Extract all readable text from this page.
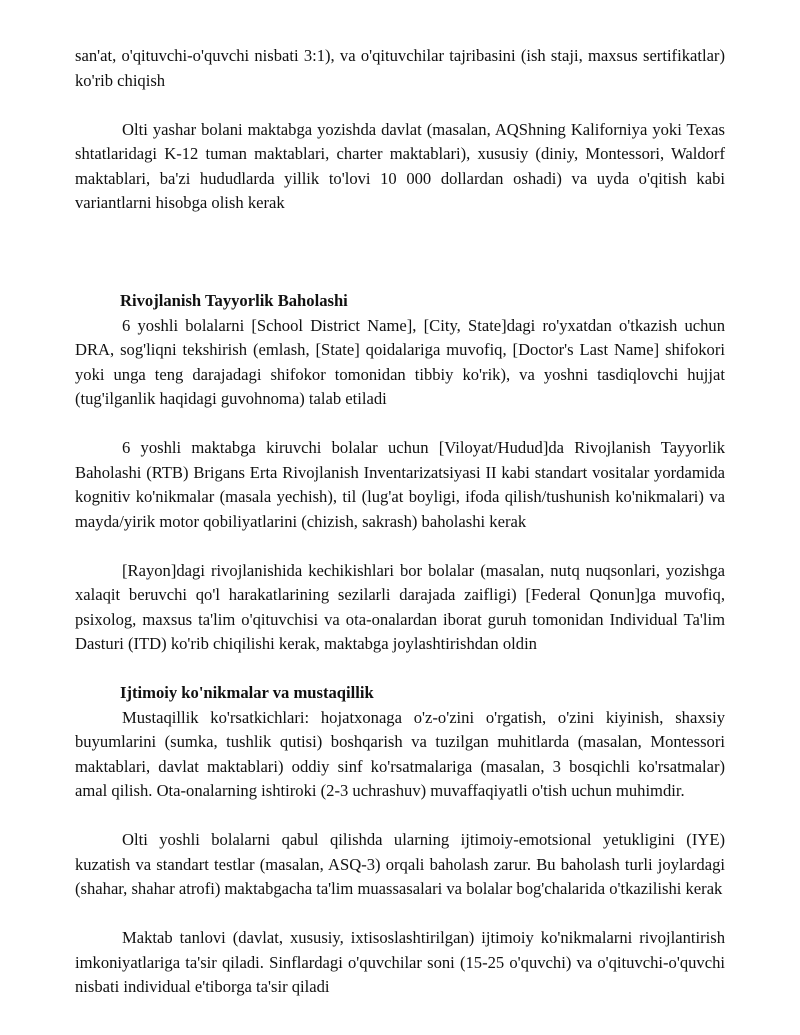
san'at, o'qituvchi-o'quvchi nisbati 3:1), va o'qituvchilar tajribasini (ish staji, maxsus sertifikatlar) ko'rib chiqish

Olti yashar bolani maktabga yozishda davlat (masalan, AQShning Kaliforniya yoki Texas shtatlaridagi K-12 tuman maktablari, charter maktablari), xususiy (diniy, Montessori, Waldorf maktablari, ba'zi hududlarda yillik to'lovi 10 000 dollardan oshadi) va uyda o'qitish kabi variantlarni hisobga olish kerak

Rivojlanish Tayyorlik Baholashi

6 yoshli bolalarni [School District Name], [City, State]dagi ro'yxatdan o'tkazish uchun DRA, sog'liqni tekshirish (emlash, [State] qoidalariga muvofiq, [Doctor's Last Name] shifokori yoki unga teng darajadagi shifokor tomonidan tibbiy ko'rik), va yoshni tasdiqlovchi hujjat (tug'ilganlik haqidagi guvohnoma) talab etiladi

6 yoshli maktabga kiruvchi bolalar uchun [Viloyat/Hudud]da Rivojlanish Tayyorlik Baholashi (RTB) Brigans Erta Rivojlanish Inventarizatsiyasi II kabi standart vositalar yordamida kognitiv ko'nikmalar (masala yechish), til (lug'at boyligi, ifoda qilish/tushunish ko'nikmalari) va mayda/yirik motor qobiliyatlarini (chizish, sakrash) baholashi kerak

[Rayon]dagi rivojlanishida kechikishlari bor bolalar (masalan, nutq nuqsonlari, yozishga xalaqit beruvchi qo'l harakatlarining sezilarli darajada zaifligi) [Federal Qonun]ga muvofiq, psixolog, maxsus ta'lim o'qituvchisi va ota-onalardan iborat guruh tomonidan Individual Ta'lim Dasturi (ITD) ko'rib chiqilishi kerak, maktabga joylashtirishdan oldin

Ijtimoiy ko'nikmalar va mustaqillik

Mustaqillik ko'rsatkichlari: hojatxonaga o'z-o'zini o'rgatish, o'zini kiyinish, shaxsiy buyumlarini (sumka, tushlik qutisi) boshqarish va tuzilgan muhitlarda (masalan, Montessori maktablari, davlat maktablari) oddiy sinf ko'rsatmalariga (masalan, 3 bosqichli ko'rsatmalar) amal qilish. Ota-onalarning ishtiroki (2-3 uchrashuv) muvaffaqiyatli o'tish uchun muhimdir.

Olti yoshli bolalarni qabul qilishda ularning ijtimoiy-emotsional yetukligini (IYE) kuzatish va standart testlar (masalan, ASQ-3) orqali baholash zarur. Bu baholash turli joylardagi (shahar, shahar atrofi) maktabgacha ta'lim muassasalari va bolalar bog'chalarida o'tkazilishi kerak

Maktab tanlovi (davlat, xususiy, ixtisoslashtirilgan) ijtimoiy ko'nikmalarni rivojlantirish imkoniyatlariga ta'sir qiladi. Sinflardagi o'quvchilar soni (15-25 o'quvchi) va o'qituvchi-o'quvchi nisbati individual e'tiborga ta'sir qiladi
